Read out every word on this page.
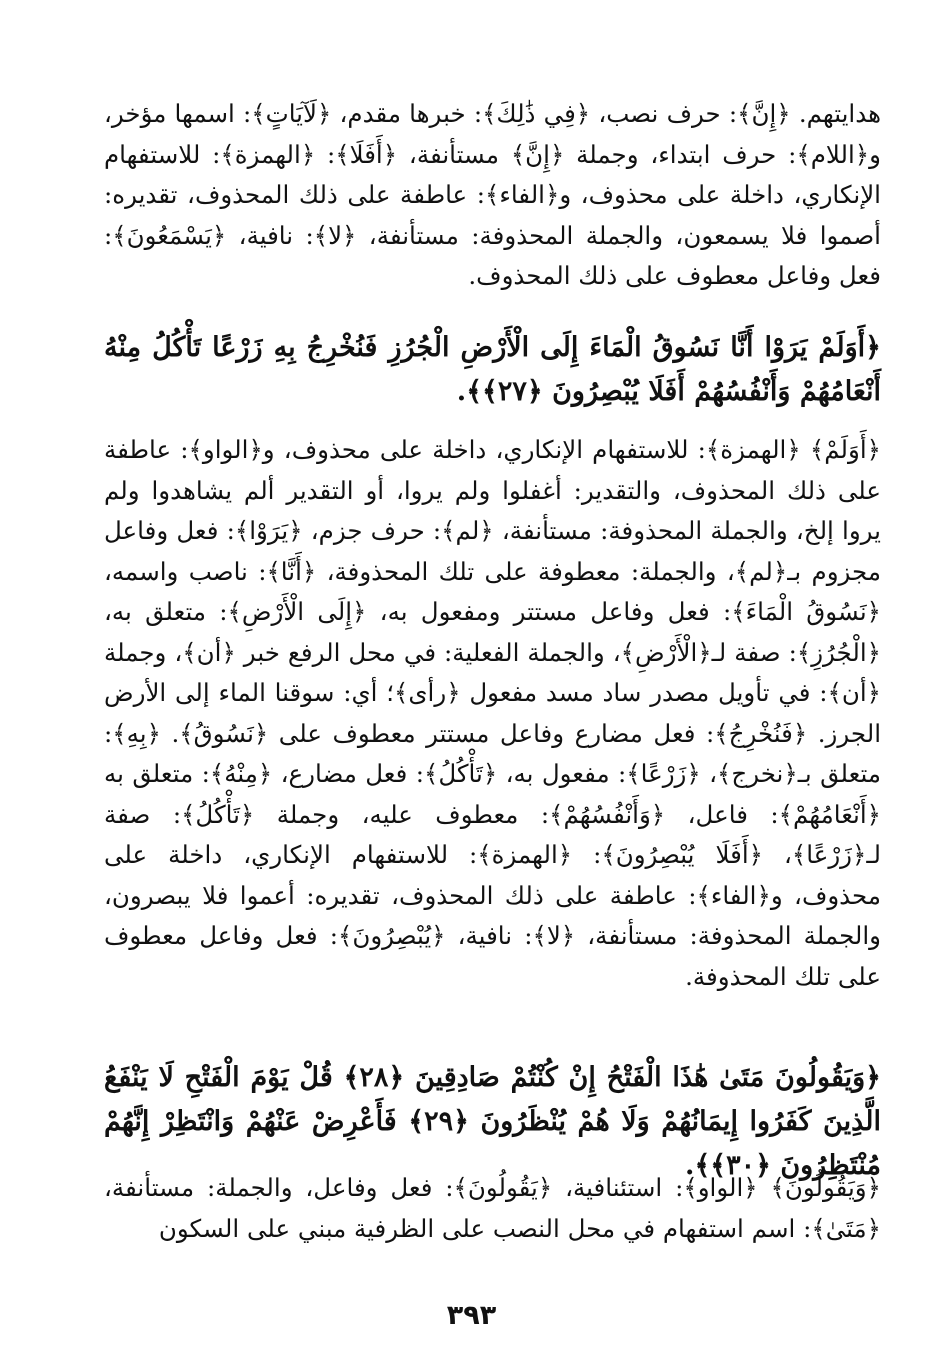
هدايتهم. ﴿إِنَّ﴾: حرف نصب، ﴿فِي ذَٰلِكَ﴾: خبرها مقدم، ﴿لَآيَاتٍ﴾: اسمها مؤخر، و﴿اللام﴾: حرف ابتداء، وجملة ﴿إِنَّ﴾ مستأنفة، ﴿أَفَلَا﴾: ﴿الهمزة﴾: للاستفهام الإنكاري، داخلة على محذوف، و﴿الفاء﴾: عاطفة على ذلك المحذوف، تقديره: أصموا فلا يسمعون، والجملة المحذوفة: مستأنفة، ﴿لا﴾: نافية، ﴿يَسْمَعُونَ﴾: فعل وفاعل معطوف على ذلك المحذوف.

﴿أَوَلَمْ يَرَوْا أَنَّا نَسُوقُ الْمَاءَ إِلَى الْأَرْضِ الْجُرُزِ فَنُخْرِجُ بِهِ زَرْعًا تَأْكُلُ مِنْهُ أَنْعَامُهُمْ وَأَنْفُسُهُمْ أَفَلَا يُبْصِرُونَ ﴿٢٧﴾﴾.

﴿أَوَلَمْ﴾ ﴿الهمزة﴾: للاستفهام الإنكاري، داخلة على محذوف، و﴿الواو﴾: عاطفة على ذلك المحذوف، والتقدير: أغفلوا ولم يروا، أو التقدير ألم يشاهدوا ولم يروا إلخ، والجملة المحذوفة: مستأنفة، ﴿لم﴾: حرف جزم، ﴿يَرَوْا﴾: فعل وفاعل مجزوم بـ﴿لم﴾، والجملة: معطوفة على تلك المحذوفة، ﴿أَنَّا﴾: ناصب واسمه، ﴿نَسُوقُ الْمَاءَ﴾: فعل وفاعل مستتر ومفعول به، ﴿إِلَى الْأَرْضِ﴾: متعلق به، ﴿الْجُرُزِ﴾: صفة لـ﴿الْأَرْضِ﴾، والجملة الفعلية: في محل الرفع خبر ﴿أن﴾، وجملة ﴿أن﴾: في تأويل مصدر ساد مسد مفعول ﴿رأى﴾؛ أي: سوقنا الماء إلى الأرض الجرز. ﴿فَنُخْرِجُ﴾: فعل مضارع وفاعل مستتر معطوف على ﴿نَسُوقُ﴾. ﴿بِهِ﴾: متعلق بـ﴿نخرج﴾، ﴿زَرْعًا﴾: مفعول به، ﴿تَأْكُلُ﴾: فعل مضارع، ﴿مِنْهُ﴾: متعلق به ﴿أَنْعَامُهُمْ﴾: فاعل، ﴿وَأَنْفُسُهُمْ﴾: معطوف عليه، وجملة ﴿تَأْكُلُ﴾: صفة لـ﴿زَرْعًا﴾، ﴿أَفَلَا يُبْصِرُونَ﴾: ﴿الهمزة﴾: للاستفهام الإنكاري، داخلة على محذوف، و﴿الفاء﴾: عاطفة على ذلك المحذوف، تقديره: أعموا فلا يبصرون، والجملة المحذوفة: مستأنفة، ﴿لا﴾: نافية، ﴿يُبْصِرُونَ﴾: فعل وفاعل معطوف على تلك المحذوفة.

﴿وَيَقُولُونَ مَتَىٰ هَٰذَا الْفَتْحُ إِنْ كُنْتُمْ صَادِقِينَ ﴿٢٨﴾ قُلْ يَوْمَ الْفَتْحِ لَا يَنْفَعُ الَّذِينَ كَفَرُوا إِيمَانُهُمْ وَلَا هُمْ يُنْظَرُونَ ﴿٢٩﴾ فَأَعْرِضْ عَنْهُمْ وَانْتَظِرْ إِنَّهُمْ مُنْتَظِرُونَ ﴿٣٠﴾﴾.

﴿وَيَقُولُونَ﴾ ﴿الواو﴾: استئنافية، ﴿يَقُولُونَ﴾: فعل وفاعل، والجملة: مستأنفة، ﴿مَتَىٰ﴾: اسم استفهام في محل النصب على الظرفية مبني على السكون

٣٩٣
